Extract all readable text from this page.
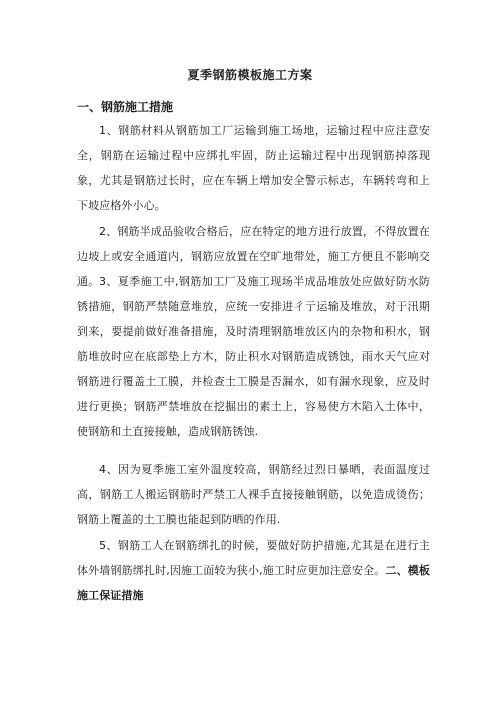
夏季钢筋模板施工方案
一、钢筋施工措施
1、钢筋材料从钢筋加工厂运输到施工场地，运输过程中应注意安全，钢筋在运输过程中应绑扎牢固，防止运输过程中出现钢筋掉落现象，尤其是钢筋过长时，应在车辆上增加安全警示标志，车辆转弯和上下坡应格外小心。
2、钢筋半成品验收合格后，应在特定的地方进行放置，不得放置在边坡上或安全通道内，钢筋应放置在空旷地带处，施工方便且不影响交通。 3、夏季施工中,钢筋加工厂及施工现场半成品堆放处应做好防水防锈措施，钢筋严禁随意堆放，应统一安排进彳亍运输及堆放，对于汛期到来，要提前做好准备措施，及时清理钢筋堆放区内的杂物和积水，钢筋堆放时应在底部垫上方木，防止积水对钢筋造成锈蚀，雨水天气应对钢筋进行覆盖土工膜，并检查土工膜是否漏水，如有漏水现象，应及时进行更换；钢筋严禁堆放在挖掘出的素土上，容易使方木陷入土体中，使钢筋和土直接接触，造成钢筋锈蚀.
4、因为夏季施工室外温度较高，钢筋经过烈日暴晒，表面温度过高，钢筋工人搬运钢筋时严禁工人裸手直接接触钢筋，以免造成烫伤；钢筋上覆盖的土工膜也能起到防晒的作用.
5、钢筋工人在钢筋绑扎的时候，要做好防护措施,尤其是在进行主体外墙钢筋绑扎时,因施工面较为狭小,施工时应更加注意安全。二、模板施工保证措施
